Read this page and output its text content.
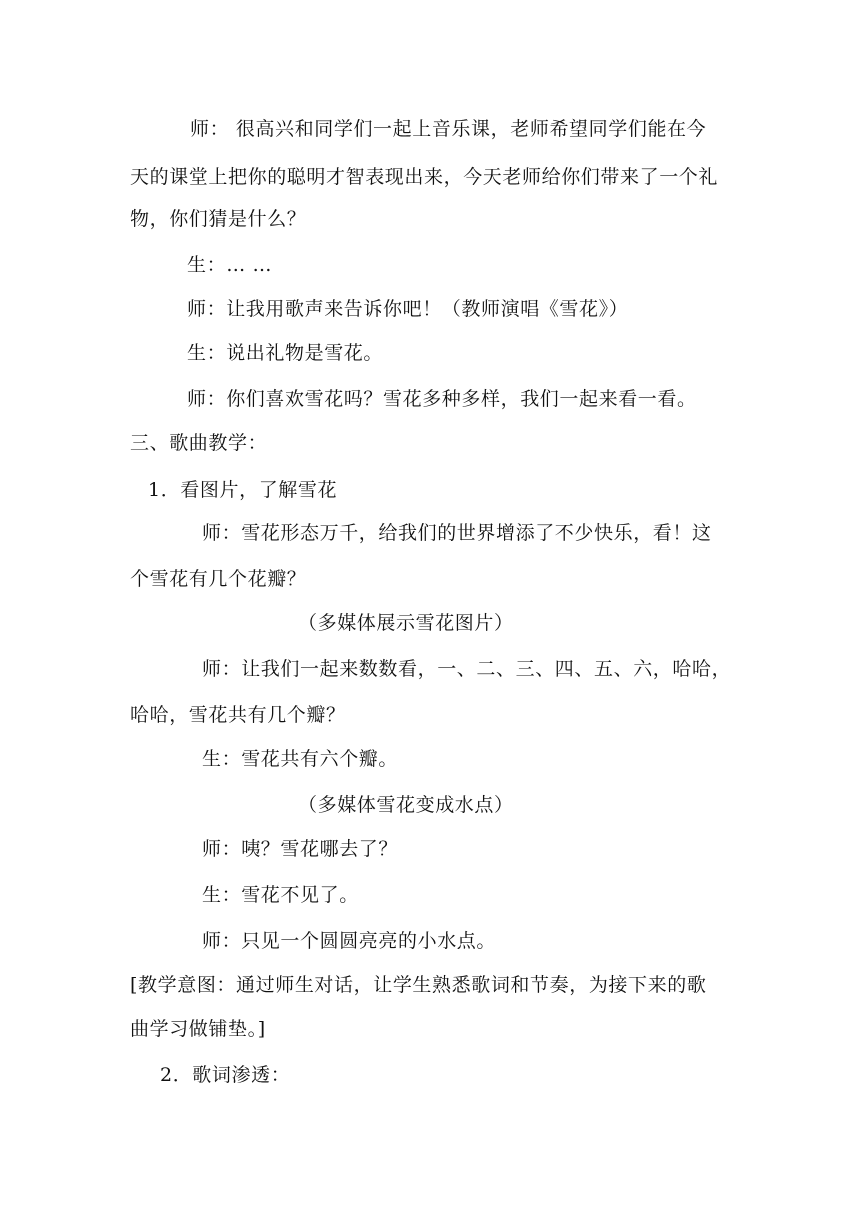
师： 很高兴和同学们一起上音乐课，老师希望同学们能在今
天的课堂上把你的聪明才智表现出来，今天老师给你们带来了一个礼
物，你们猜是什么？
生：… …
师：让我用歌声来告诉你吧！（教师演唱《雪花》）
生：说出礼物是雪花。
师：你们喜欢雪花吗？雪花多种多样，我们一起来看一看。
三、歌曲教学：
1．看图片，了解雪花
师：雪花形态万千，给我们的世界增添了不少快乐，看！这
个雪花有几个花瓣？
（多媒体展示雪花图片）
师：让我们一起来数数看，一、二、三、四、五、六，哈哈，
哈哈，雪花共有几个瓣？
生：雪花共有六个瓣。
（多媒体雪花变成水点）
师：咦？雪花哪去了？
生：雪花不见了。
师：只见一个圆圆亮亮的小水点。
[教学意图：通过师生对话，让学生熟悉歌词和节奏，为接下来的歌
曲学习做铺垫。]
2．歌词渗透：
